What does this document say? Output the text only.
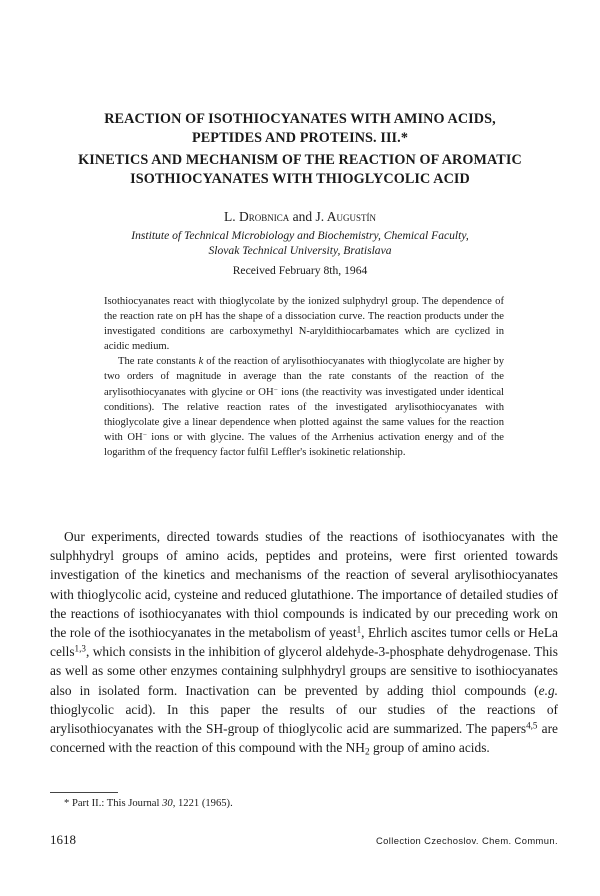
REACTION OF ISOTHIOCYANATES WITH AMINO ACIDS,
PEPTIDES AND PROTEINS. III.*
KINETICS AND MECHANISM OF THE REACTION OF AROMATIC
ISOTHIOCYANATES WITH THIOGLYCOLIC ACID
L. Drobnica and J. Augustín
Institute of Technical Microbiology and Biochemistry, Chemical Faculty,
Slovak Technical University, Bratislava
Received February 8th, 1964

Isothiocyanates react with thioglycolate by the ionized sulphydryl group. The dependence of the reaction rate on pH has the shape of a dissociation curve. The reaction products under the investigated conditions are carboxymethyl N-aryldithiocarbamates which are cyclized in acidic medium.

The rate constants k of the reaction of arylisothiocyanates with thioglycolate are higher by two orders of magnitude in average than the rate constants of the reaction of the arylisothiocyanates with glycine or OH− ions (the reactivity was investigated under identical conditions). The relative reaction rates of the investigated arylisothiocyanates with thioglycolate give a linear dependence when plotted against the same values for the reaction with OH− ions or with glycine. The values of the Arrhenius activation energy and of the logarithm of the frequency factor fulfil Leffler's isokinetic relationship.

Our experiments, directed towards studies of the reactions of isothiocyanates with the sulphhydryl groups of amino acids, peptides and proteins, were first oriented towards investigation of the kinetics and mechanisms of the reaction of several arylisothiocyanates with thioglycolic acid, cysteine and reduced glutathione. The importance of detailed studies of the reactions of isothiocyanates with thiol compounds is indicated by our preceding work on the role of the isothiocyanates in the metabolism of yeast$^1$, Ehrlich ascites tumor cells or HeLa cells$^{1,3}$, which consists in the inhibition of glycerol aldehyde-3-phosphate dehydrogenase. This as well as some other enzymes containing sulphhydryl groups are sensitive to isothiocyanates also in isolated form. Inactivation can be prevented by adding thiol compounds (e.g. thioglycolic acid). In this paper the results of our studies of the reactions of arylisothiocyanates with the SH-group of thioglycolic acid are summarized. The papers$^{4,5}$ are concerned with the reaction of this compound with the $NH_2$ group of amino acids.

* Part II.: This Journal 30, 1221 (1965).
1618	Collection Czechoslov. Chem. Commun.
